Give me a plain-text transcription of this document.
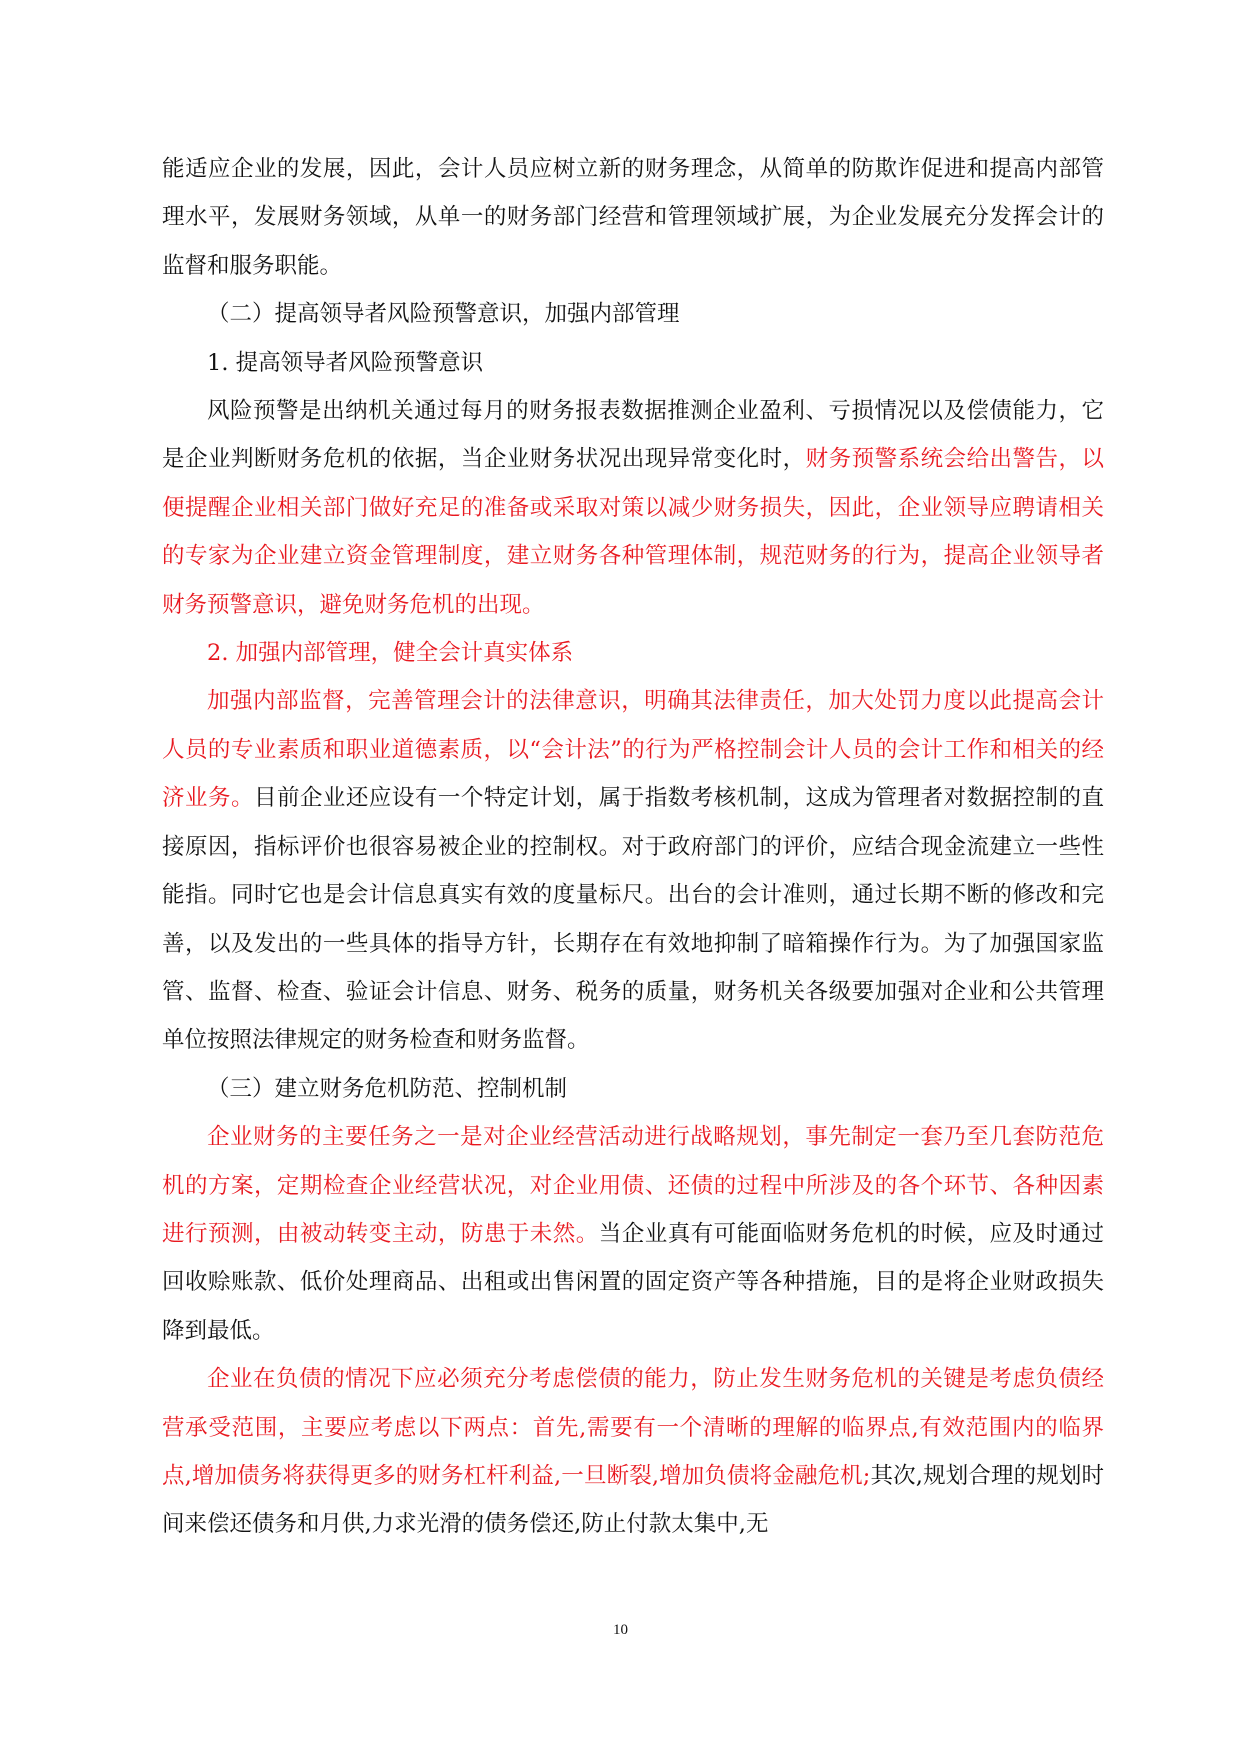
能适应企业的发展，因此，会计人员应树立新的财务理念，从简单的防欺诈促进和提高内部管理水平，发展财务领域，从单一的财务部门经营和管理领域扩展，为企业发展充分发挥会计的监督和服务职能。

（二）提高领导者风险预警意识，加强内部管理

1. 提高领导者风险预警意识

风险预警是出纳机关通过每月的财务报表数据推测企业盈利、亏损情况以及偿债能力，它是企业判断财务危机的依据，当企业财务状况出现异常变化时，财务预警系统会给出警告，以便提醒企业相关部门做好充足的准备或采取对策以减少财务损失，因此，企业领导应聘请相关的专家为企业建立资金管理制度，建立财务各种管理体制，规范财务的行为，提高企业领导者财务预警意识，避免财务危机的出现。

2. 加强内部管理，健全会计真实体系

加强内部监督，完善管理会计的法律意识，明确其法律责任，加大处罚力度以此提高会计人员的专业素质和职业道德素质，以“会计法”的行为严格控制会计人员的会计工作和相关的经济业务。目前企业还应设有一个特定计划，属于指数考核机制，这成为管理者对数据控制的直接原因，指标评价也很容易被企业的控制权。对于政府部门的评价，应结合现金流建立一些性能指。同时它也是会计信息真实有效的度量标尺。出台的会计准则，通过长期不断的修改和完善，以及发出的一些具体的指导方针，长期存在有效地抑制了暗箱操作行为。为了加强国家监管、监督、检查、验证会计信息、财务、税务的质量，财务机关各级要加强对企业和公共管理单位按照法律规定的财务检查和财务监督。

（三）建立财务危机防范、控制机制

企业财务的主要任务之一是对企业经营活动进行战略规划，事先制定一套乃至几套防范危机的方案，定期检查企业经营状况，对企业用债、还债的过程中所涉及的各个环节、各种因素进行预测，由被动转变主动，防患于未然。当企业真有可能面临财务危机的时候，应及时通过回收赊账款、低价处理商品、出租或出售闲置的固定资产等各种措施，目的是将企业财政损失降到最低。

企业在负债的情况下应必须充分考虑偿债的能力，防止发生财务危机的关键是考虑负债经营承受范围，主要应考虑以下两点：首先,需要有一个清晰的理解的临界点,有效范围内的临界点,增加债务将获得更多的财务杠杆利益,一旦断裂,增加负债将金融危机;其次,规划合理的规划时间来偿还债务和月供,力求光滑的债务偿还,防止付款太集中,无

10
